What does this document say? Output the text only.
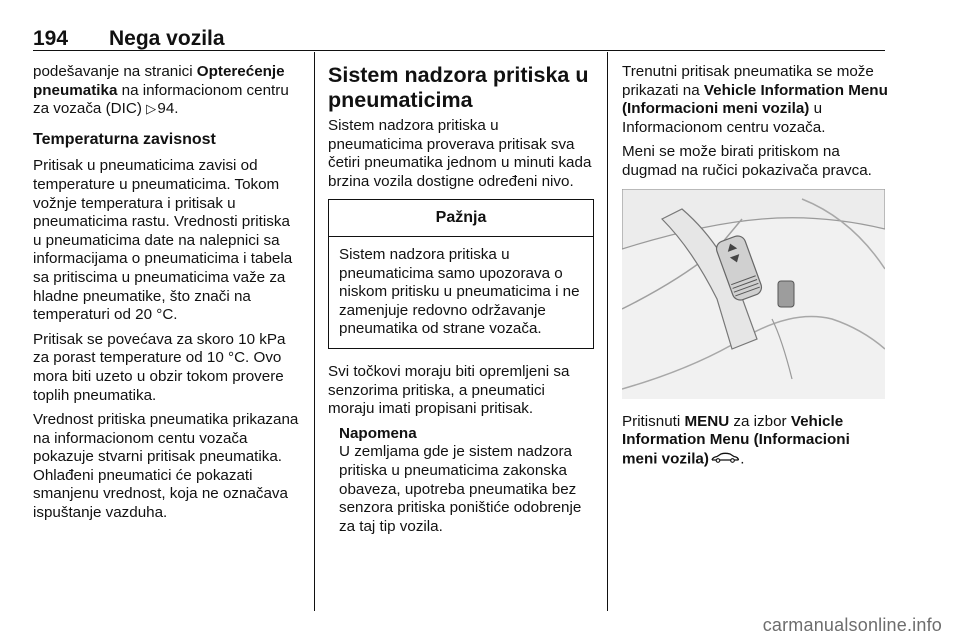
194 Nega vozila

podešavanje na stranici Opterećenje pneumatika na informacionom centru za vozača (DIC) ▷ 94.

Temperaturna zavisnost

Pritisak u pneumaticima zavisi od temperature u pneumaticima. Tokom vožnje temperatura i pritisak u pneumaticima rastu. Vrednosti pritiska u pneumaticima date na nalepnici sa informacijama o pneumaticima i tabela sa pritiscima u pneumaticima važe za hladne pneumatike, što znači na temperaturi od 20 °C.

Pritisak se povećava za skoro 10 kPa za porast temperature od 10 °C. Ovo mora biti uzeto u obzir tokom provere toplih pneumatika.

Vrednost pritiska pneumatika prikazana na informacionom centu vozača pokazuje stvarni pritisak pneumatika. Ohlađeni pneumatici će pokazati smanjenu vrednost, koja ne označava ispuštanje vazduha.

Sistem nadzora pritiska u pneumaticima

Sistem nadzora pritiska u pneumaticima proverava pritisak sva četiri pneumatika jednom u minuti kada brzina vozila dostigne određeni nivo.

Pažnja
Sistem nadzora pritiska u pneumaticima samo upozorava o niskom pritisku u pneumaticima i ne zamenjuje redovno održavanje pneumatika od strane vozača.

Svi točkovi moraju biti opremljeni sa senzorima pritiska, a pneumatici moraju imati propisani pritisak.

Napomena
U zemljama gde je sistem nadzora pritiska u pneumaticima zakonska obaveza, upotreba pneumatika bez senzora pritiska poništiće odobrenje za taj tip vozila.

Trenutni pritisak pneumatika se može prikazati na Vehicle Information Menu (Informacioni meni vozila) u Informacionom centru vozača.

Meni se može birati pritiskom na dugmad na ručici pokazivača pravca.

Pritisnuti MENU za izbor Vehicle Information Menu (Informacioni meni vozila)  .

carmanualsonline.info
